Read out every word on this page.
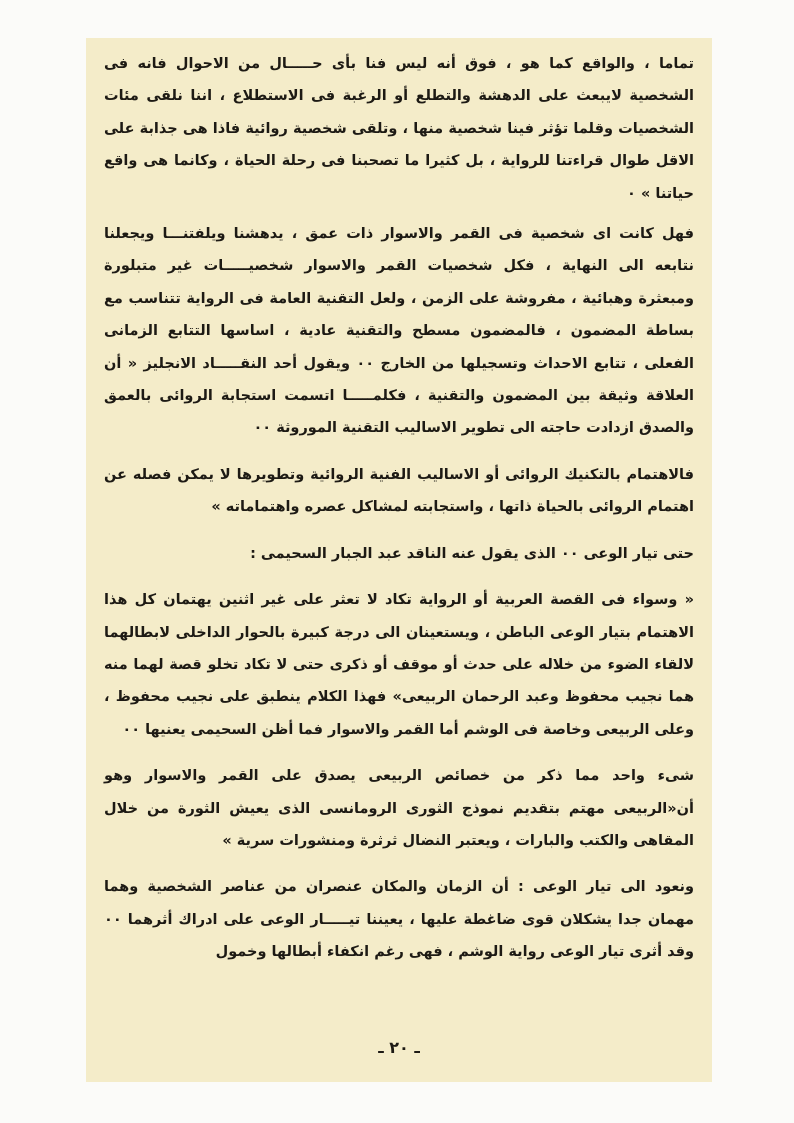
تماما ، والواقع كما هو ، فوق أنه ليس فنا بأى حـــــال من الاحوال فانه فى الشخصية لايبعث على الدهشة والتطلع أو الرغبة فى الاستطلاع ، اننا نلقى مئات الشخصيات وقلما تؤثر فينا شخصية منها ، وتلقى شخصية روائية فاذا هى جذابة على الاقل طوال قراءتنا للرواية ، بل كثيرا ما تصحبنا فى رحلة الحياة ، وكانما هى واقع حياتنا » ٠

فهل كانت اى شخصية فى القمر والاسوار ذات عمق ، يدهشنا ويلفتنـــا ويجعلنا نتابعه الى النهاية ، فكل شخصيات القمر والاسوار شخصيـــــات غير متبلورة ومبعثرة وهبائية ، مفروشة على الزمن ، ولعل التقنية العامة فى الرواية تتناسب مع بساطة المضمون ، فالمضمون مسطح والتقنية عادية ، اساسها التتابع الزمانى الفعلى ، تتابع الاحداث وتسجيلها من الخارج ٠٠ ويقول أحد النقـــــاد الانجليز « أن العلاقة وثيقة بين المضمون والتقنية ، فكلمـــــا اتسمت استجابة الروائى بالعمق والصدق ازدادت حاجته الى تطوير الاساليب التقنية الموروثة ٠٠

فالاهتمام بالتكنيك الروائى أو الاساليب الفنية الروائية وتطويرها لا يمكن فصله عن اهتمام الروائى بالحياة ذاتها ، واستجابته لمشاكل عصره واهتماماته »

حتى تيار الوعى ٠٠ الذى يقول عنه الناقد عبد الجبار السحيمى :

« وسواء فى القصة العربية أو الرواية تكاد لا تعثر على غير اثنين يهتمان كل هذا الاهتمام بتيار الوعى الباطن ، ويستعينان الى درجة كبيرة بالحوار الداخلى لابطالهما لالقاء الضوء من خلاله على حدث أو موقف أو ذكرى حتى لا تكاد تخلو قصة لهما منه هما نجيب محفوظ وعبد الرحمان الربيعى» فهذا الكلام ينطبق على نجيب محفوظ ، وعلى الربيعى وخاصة فى الوشم أما القمر والاسوار فما أظن السحيمى يعنيها ٠٠

شىء واحد مما ذكر من خصائص الربيعى يصدق على القمر والاسوار وهو أن«الربيعى مهتم بتقديم نموذج الثورى الرومانسى الذى يعيش الثورة من خلال المقاهى والكتب والبارات ، ويعتبر النضال ثرثرة ومنشورات سرية »

ونعود الى تيار الوعى : أن الزمان والمكان عنصران من عناصر الشخصية وهما مهمان جدا يشكلان قوى ضاغطة عليها ، يعيننا تيـــــار الوعى على ادراك أثرهما ٠٠ وقد أثرى تيار الوعى رواية الوشم ، فهى رغم انكفاء أبطالها وخمول

ـ ٢٠ ـ
